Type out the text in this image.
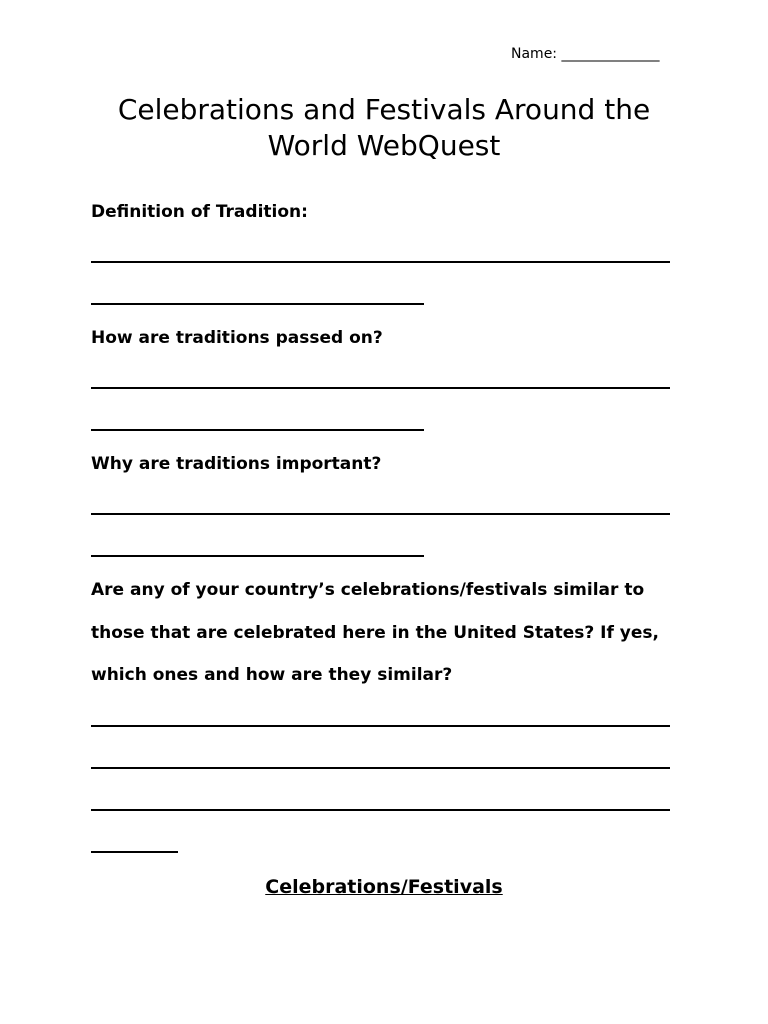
Name: ______________
Celebrations and Festivals Around the
World WebQuest
Definition of Tradition:
How are traditions passed on?
Why are traditions important?
Are any of your country’s celebrations/festivals similar to
those that are celebrated here in the United States? If yes,
which ones and how are they similar?
Celebrations/Festivals
